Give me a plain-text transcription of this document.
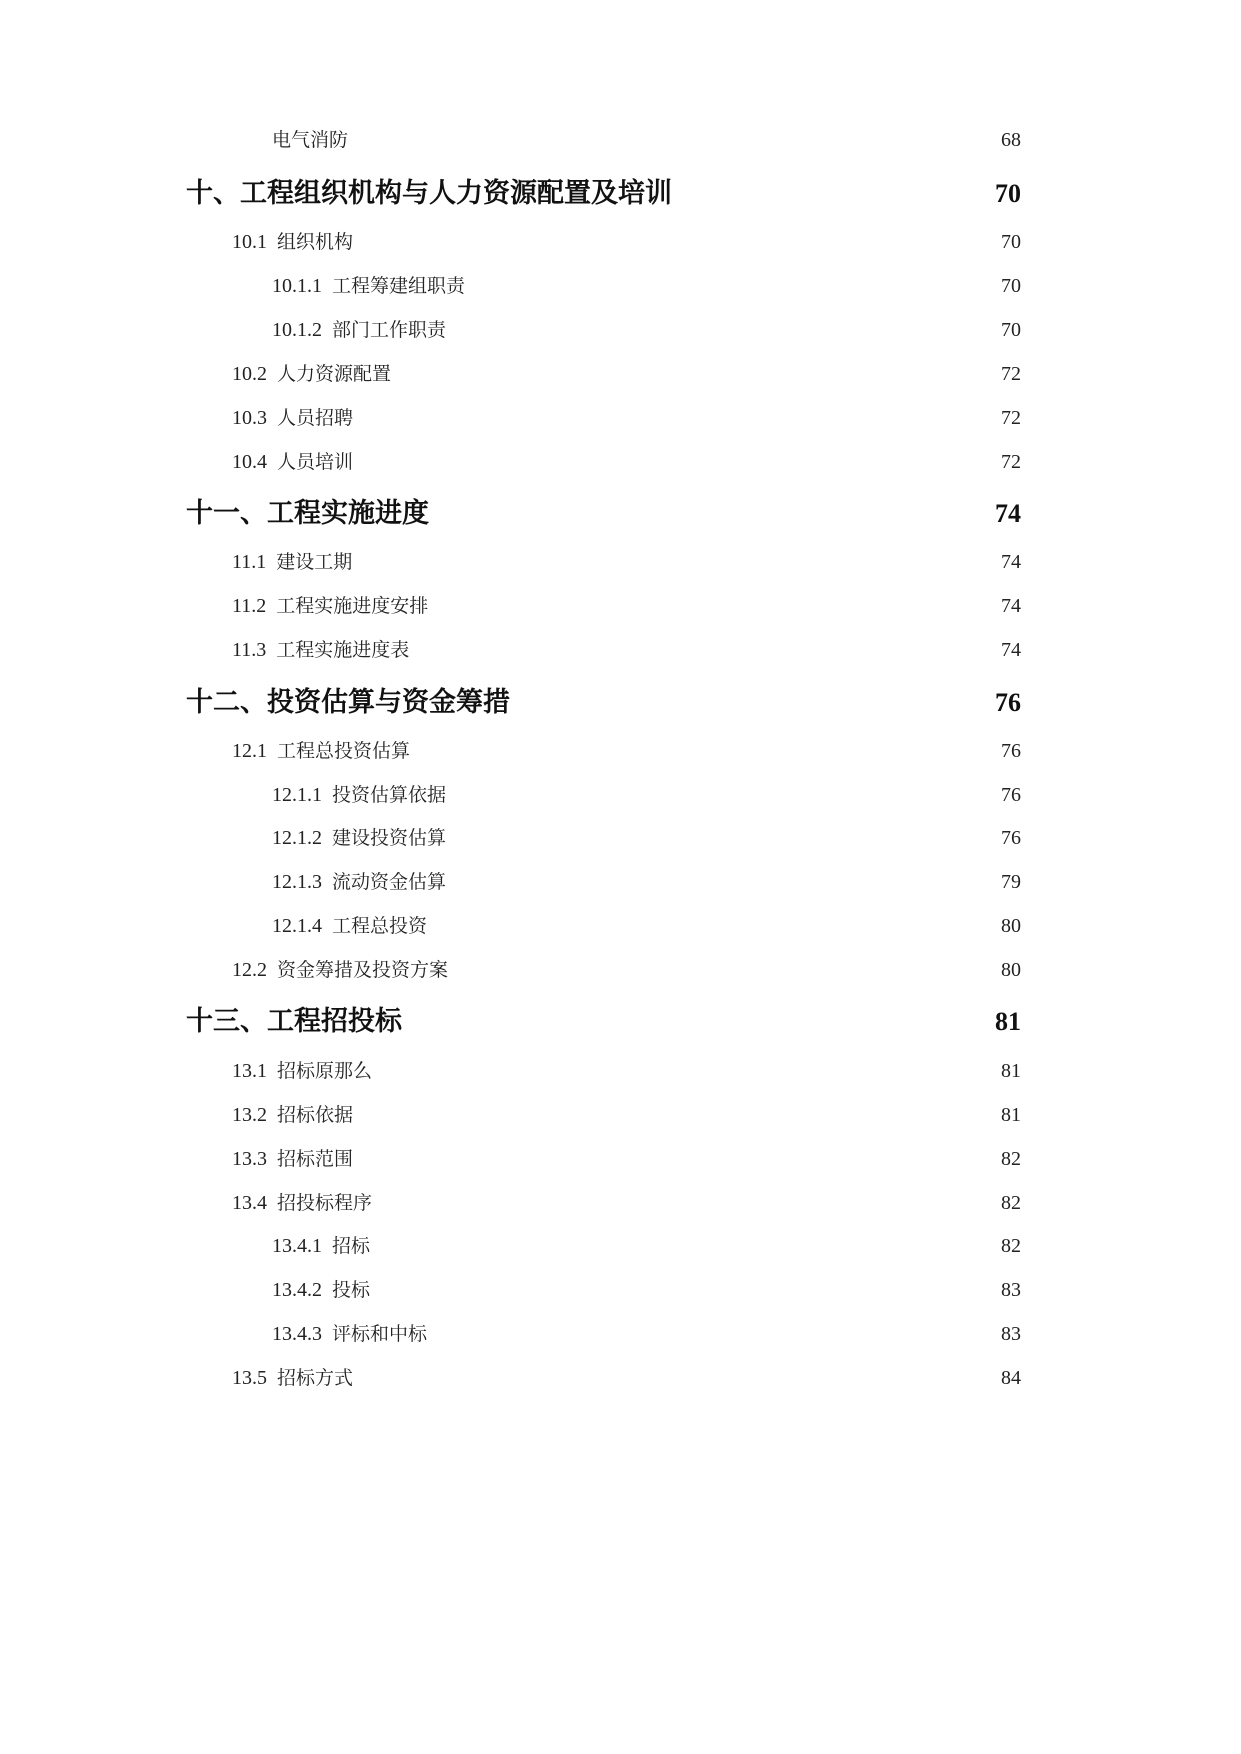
电气消防	68
十、工程组织机构与人力资源配置及培训	70
10.1 组织机构	70
10.1.1 工程筹建组职责	70
10.1.2 部门工作职责	70
10.2 人力资源配置	72
10.3 人员招聘	72
10.4 人员培训	72
十一、工程实施进度	74
11.1 建设工期	74
11.2 工程实施进度安排	74
11.3 工程实施进度表	74
十二、投资估算与资金筹措	76
12.1 工程总投资估算	76
12.1.1 投资估算依据	76
12.1.2 建设投资估算	76
12.1.3 流动资金估算	79
12.1.4 工程总投资	80
12.2 资金筹措及投资方案	80
十三、工程招投标	81
13.1 招标原那么	81
13.2 招标依据	81
13.3 招标范围	82
13.4 招投标程序	82
13.4.1 招标	82
13.4.2 投标	83
13.4.3 评标和中标	83
13.5 招标方式	84
